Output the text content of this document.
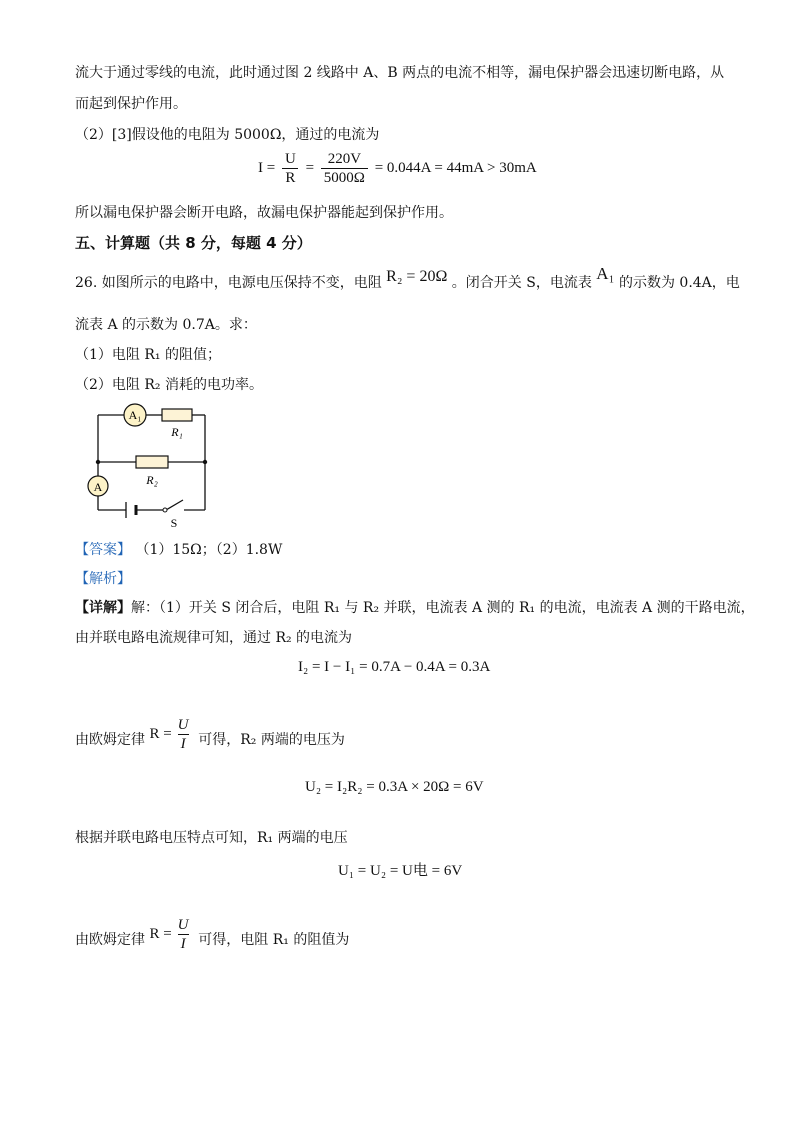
流大于通过零线的电流，此时通过图 2 线路中 A、B 两点的电流不相等，漏电保护器会迅速切断电路，从
而起到保护作用。
（2）[3]假设他的电阻为 5000Ω，通过的电流为
$I = \frac{U}{R} = \frac{220V}{5000\Omega} = 0.044A = 44mA > 30mA$
所以漏电保护器会断开电路，故漏电保护器能起到保护作用。
五、计算题（共 8 分，每题 4 分）
26. 如图所示的电路中，电源电压保持不变，电阻 R₂ = 20Ω 。闭合开关 S，电流表 A₁ 的示数为 0.4A，电
流表 A 的示数为 0.7A。求：
（1）电阻 R₁ 的阻值；
（2）电阻 R₂ 消耗的电功率。
A₁
R₁
R₂
A
S
【答案】 （1）15Ω；（2）1.8W
【解析】
【详解】解：（1）开关 S 闭合后，电阻 R₁ 与 R₂ 并联，电流表 A 测的 R₁ 的电流，电流表 A 测的干路电流，
由并联电路电流规律可知，通过 R₂ 的电流为
I₂ = I − I₁ = 0.7A − 0.4A = 0.3A
由欧姆定律 $R = \frac{U}{I}$ 可得，R₂ 两端的电压为
U₂ = I₂R₂ = 0.3A × 20Ω = 6V
根据并联电路电压特点可知，R₁ 两端的电压
U₁ = U₂ = U电 = 6V
由欧姆定律 $R = \frac{U}{I}$ 可得，电阻 R₁ 的阻值为
